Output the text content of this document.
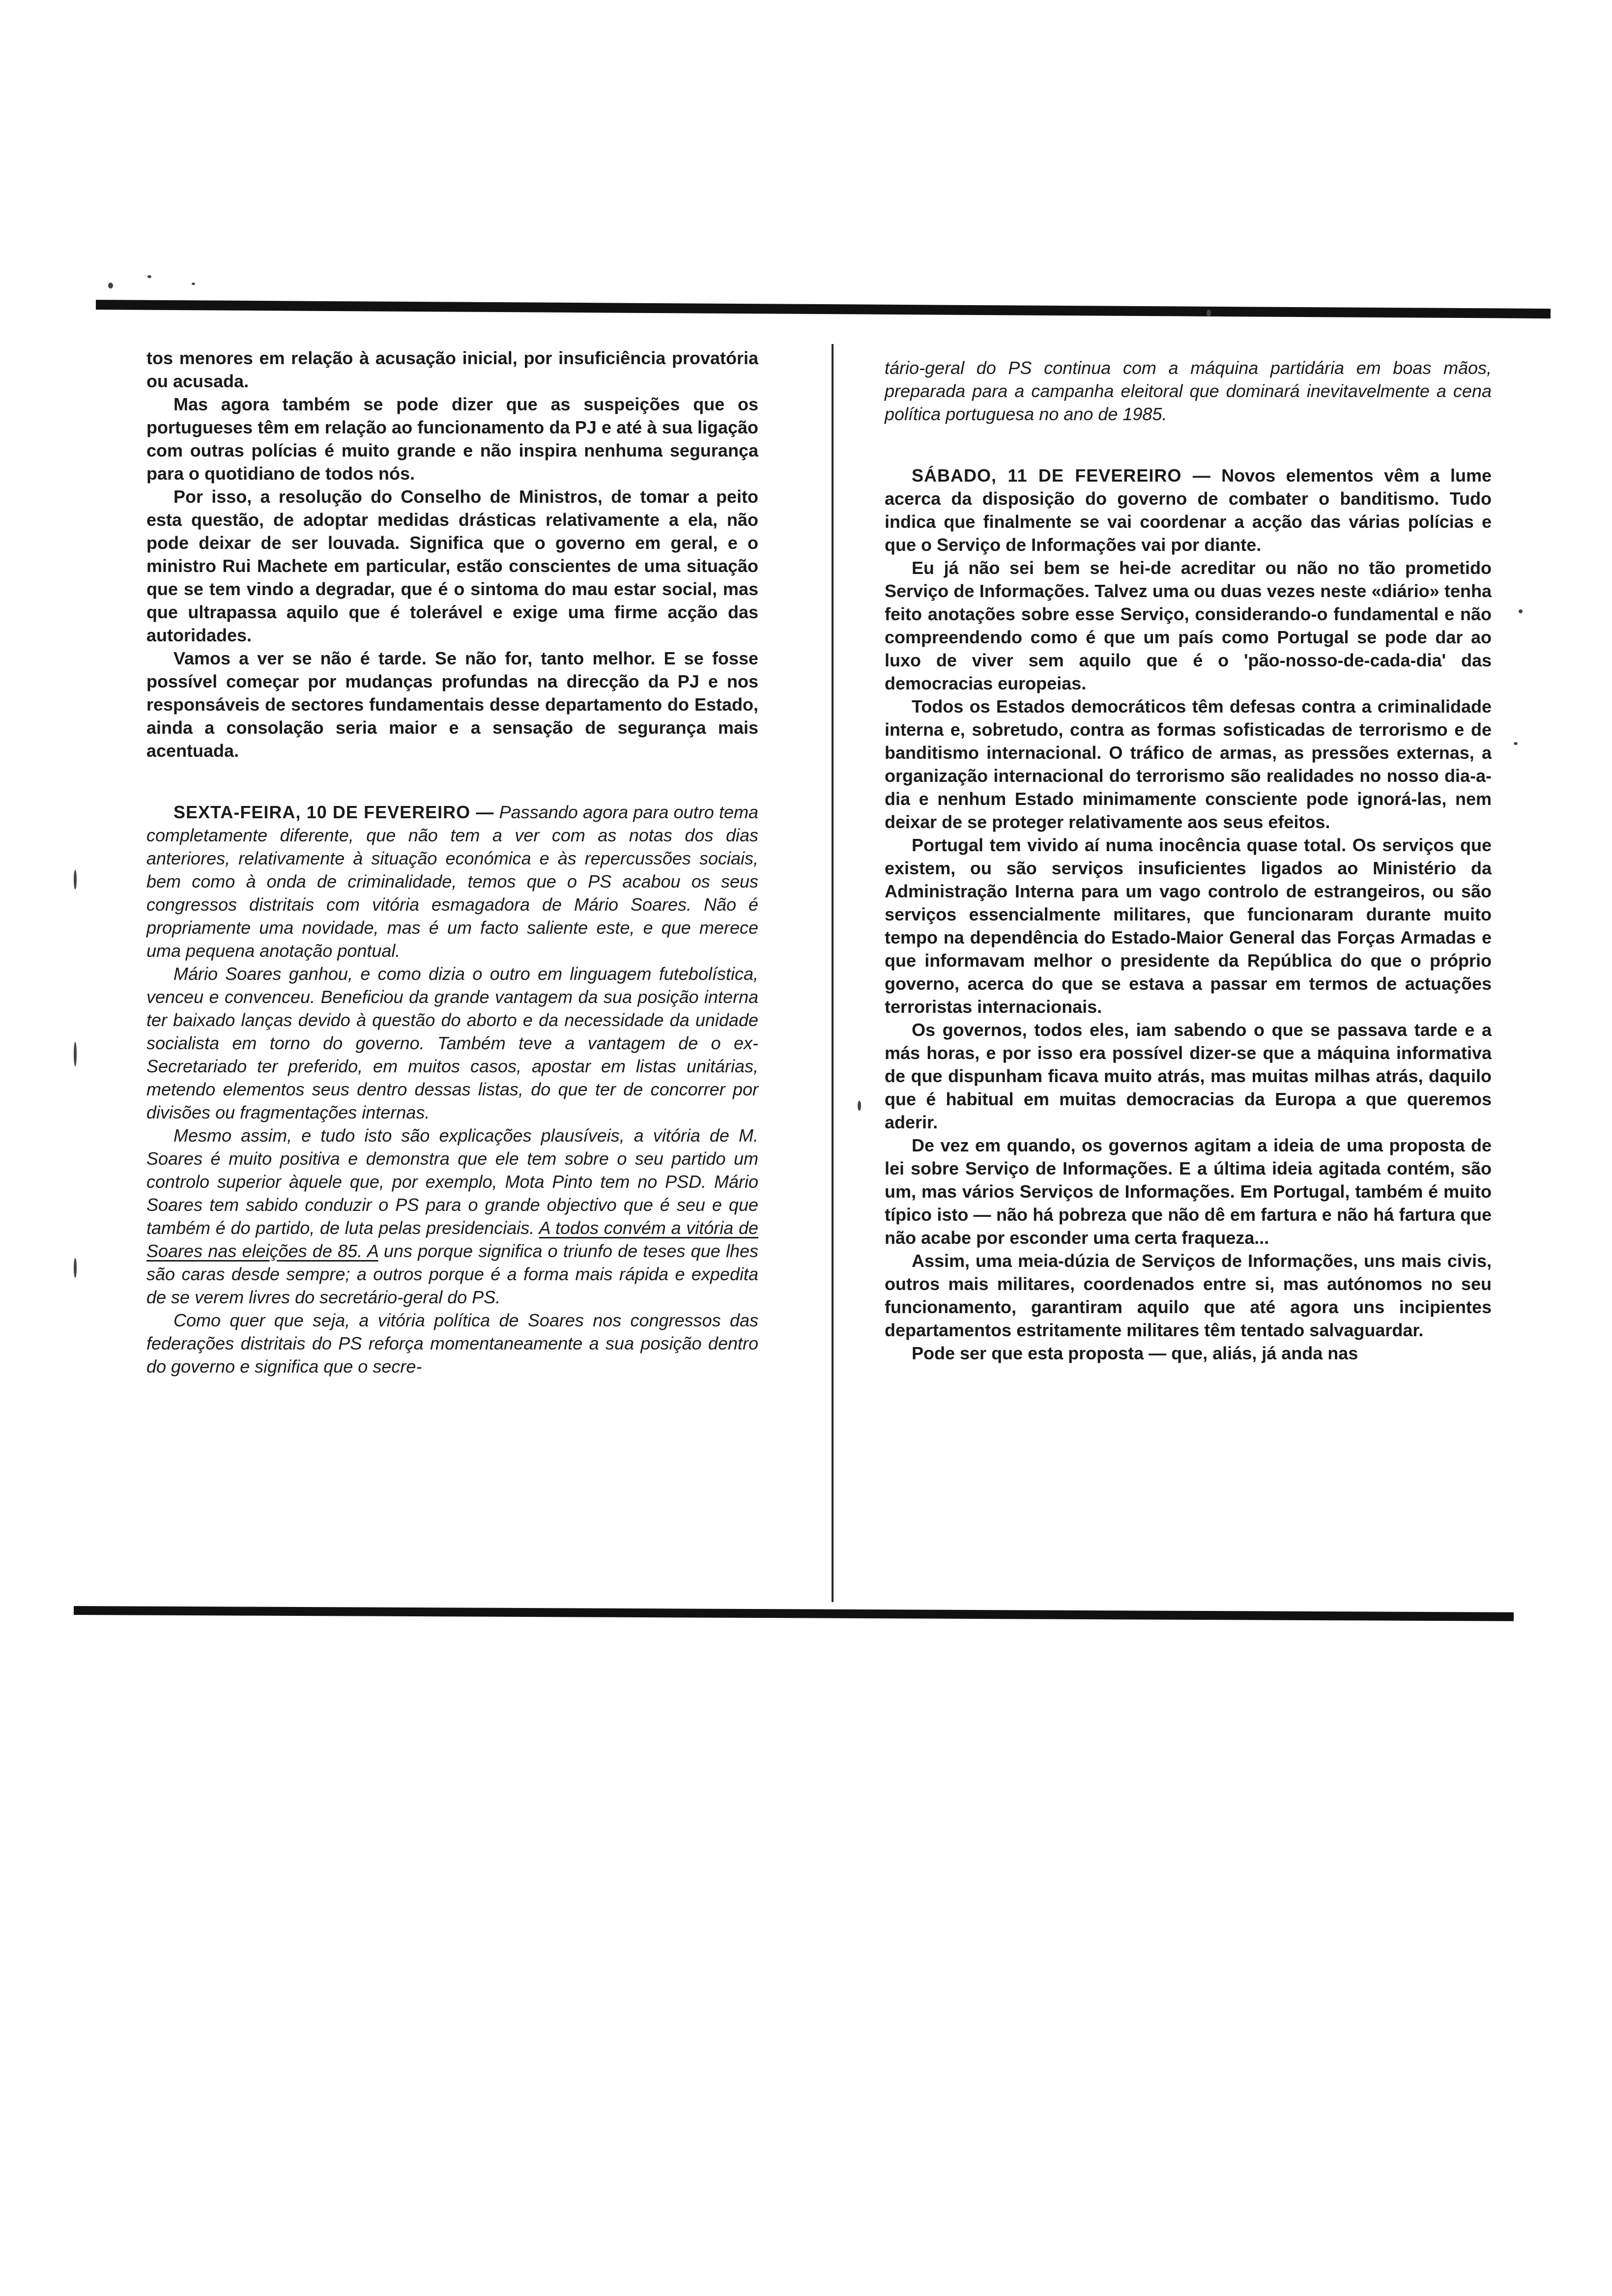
tos menores em relação à acusação inicial, por insuficiência provatória ou acusada.

Mas agora também se pode dizer que as suspeições que os portugueses têm em relação ao funcionamento da PJ e até à sua ligação com outras polícias é muito grande e não inspira nenhuma segurança para o quotidiano de todos nós.

Por isso, a resolução do Conselho de Ministros, de tomar a peito esta questão, de adoptar medidas drásticas relativamente a ela, não pode deixar de ser louvada. Significa que o governo em geral, e o ministro Rui Machete em particular, estão conscientes de uma situação que se tem vindo a degradar, que é o sintoma do mau estar social, mas que ultrapassa aquilo que é tolerável e exige uma firme acção das autoridades.

Vamos a ver se não é tarde. Se não for, tanto melhor. E se fosse possível começar por mudanças profundas na direcção da PJ e nos responsáveis de sectores fundamentais desse departamento do Estado, ainda a consolação seria maior e a sensação de segurança mais acentuada.

SEXTA-FEIRA, 10 DE FEVEREIRO — Passando agora para outro tema completamente diferente, que não tem a ver com as notas dos dias anteriores, relativamente à situação económica e às repercussões sociais, bem como à onda de criminalidade, temos que o PS acabou os seus congressos distritais com vitória esmagadora de Mário Soares. Não é propriamente uma novidade, mas é um facto saliente este, e que merece uma pequena anotação pontual.

Mário Soares ganhou, e como dizia o outro em linguagem futebolística, venceu e convenceu. Beneficiou da grande vantagem da sua posição interna ter baixado lanças devido à questão do aborto e da necessidade da unidade socialista em torno do governo. Também teve a vantagem de o ex-Secretariado ter preferido, em muitos casos, apostar em listas unitárias, metendo elementos seus dentro dessas listas, do que ter de concorrer por divisões ou fragmentações internas.

Mesmo assim, e tudo isto são explicações plausíveis, a vitória de M. Soares é muito positiva e demonstra que ele tem sobre o seu partido um controlo superior àquele que, por exemplo, Mota Pinto tem no PSD. Mário Soares tem sabido conduzir o PS para o grande objectivo que é seu e que também é do partido, de luta pelas presidenciais. A todos convém a vitória de Soares nas eleições de 85. A uns porque significa o triunfo de teses que lhes são caras desde sempre; a outros porque é a forma mais rápida e expedita de se verem livres do secretário-geral do PS.

Como quer que seja, a vitória política de Soares nos congressos das federações distritais do PS reforça momentaneamente a sua posição dentro do governo e significa que o secre-

tário-geral do PS continua com a máquina partidária em boas mãos, preparada para a campanha eleitoral que dominará inevitavelmente a cena política portuguesa no ano de 1985.

SÁBADO, 11 DE FEVEREIRO — Novos elementos vêm a lume acerca da disposição do governo de combater o banditismo. Tudo indica que finalmente se vai coordenar a acção das várias polícias e que o Serviço de Informações vai por diante.

Eu já não sei bem se hei-de acreditar ou não no tão prometido Serviço de Informações. Talvez uma ou duas vezes neste «diário» tenha feito anotações sobre esse Serviço, considerando-o fundamental e não compreendendo como é que um país como Portugal se pode dar ao luxo de viver sem aquilo que é o 'pão-nosso-de-cada-dia' das democracias europeias.

Todos os Estados democráticos têm defesas contra a criminalidade interna e, sobretudo, contra as formas sofisticadas de terrorismo e de banditismo internacional. O tráfico de armas, as pressões externas, a organização internacional do terrorismo são realidades no nosso dia-a-dia e nenhum Estado minimamente consciente pode ignorá-las, nem deixar de se proteger relativamente aos seus efeitos.

Portugal tem vivido aí numa inocência quase total. Os serviços que existem, ou são serviços insuficientes ligados ao Ministério da Administração Interna para um vago controlo de estrangeiros, ou são serviços essencialmente militares, que funcionaram durante muito tempo na dependência do Estado-Maior General das Forças Armadas e que informavam melhor o presidente da República do que o próprio governo, acerca do que se estava a passar em termos de actuações terroristas internacionais.

Os governos, todos eles, iam sabendo o que se passava tarde e a más horas, e por isso era possível dizer-se que a máquina informativa de que dispunham ficava muito atrás, mas muitas milhas atrás, daquilo que é habitual em muitas democracias da Europa a que queremos aderir.

De vez em quando, os governos agitam a ideia de uma proposta de lei sobre Serviço de Informações. E a última ideia agitada contém, são um, mas vários Serviços de Informações. Em Portugal, também é muito típico isto — não há pobreza que não dê em fartura e não há fartura que não acabe por esconder uma certa fraqueza...

Assim, uma meia-dúzia de Serviços de Informações, uns mais civis, outros mais militares, coordenados entre si, mas autónomos no seu funcionamento, garantiram aquilo que até agora uns incipientes departamentos estritamente militares têm tentado salvaguardar.

Pode ser que esta proposta — que, aliás, já anda nas
